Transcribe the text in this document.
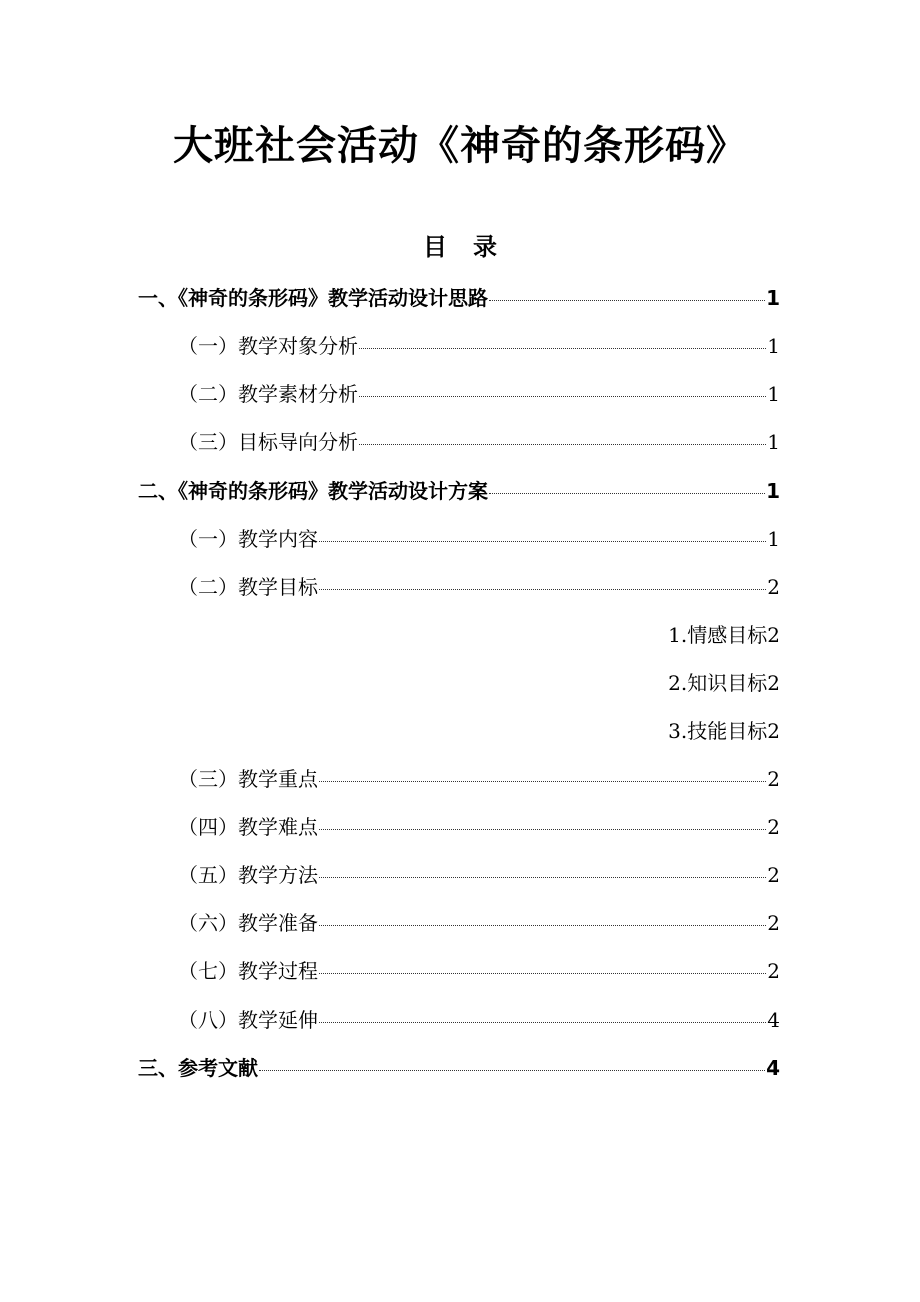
大班社会活动《神奇的条形码》
目 录
一、《神奇的条形码》教学活动设计思路	1
（一）教学对象分析	1
（二）教学素材分析	1
（三）目标导向分析	1
二、《神奇的条形码》教学活动设计方案	1
（一）教学内容	1
（二）教学目标	2
1.情感目标 2
2.知识目标 2
3.技能目标 2
（三）教学重点	2
（四）教学难点	2
（五）教学方法	2
（六）教学准备	2
（七）教学过程	2
（八）教学延伸	4
三、参考文献	4
